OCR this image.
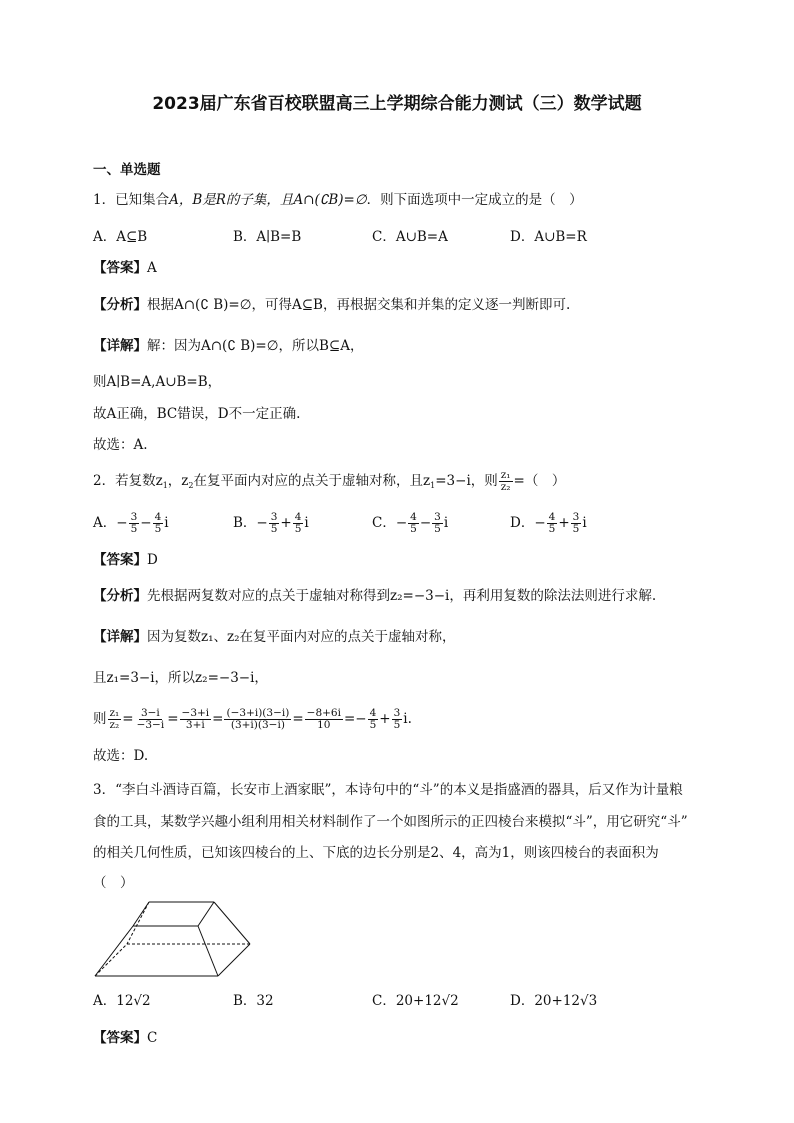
2023届广东省百校联盟高三上学期综合能力测试（三）数学试题
一、单选题
1．已知集合A，B是R的子集，且A∩(∁B)=∅．则下面选项中一定成立的是（　）
A．A⊆B	B．A∣B=B	C．A∪B=A	D．A∪B=R
【答案】A
【分析】根据A∩(∁ B)=∅，可得A⊆B，再根据交集和并集的定义逐一判断即可.
【详解】解：因为A∩(∁ B)=∅，所以B⊆A，
则A∣B=A,A∪B=B，
故A正确，BC错误，D不一定正确.
故选：A.
2．若复数$z_1$，$z_2$在复平面内对应的点关于虚轴对称，且$z_1=3-i$，则 $\frac{\text{z₁}}{\text{z₂}}$ =（　）
A．− $\frac{3}{5} - \frac{4}{5}$ i	B．− $\frac{3}{5} + \frac{4}{5}$ i	C．− $\frac{4}{5} - \frac{3}{5}$ i	D．− $\frac{4}{5} + \frac{3}{5}$ i
【答案】D
【分析】先根据两复数对应的点关于虚轴对称得到z₂=−3−i，再利用复数的除法法则进行求解.
【详解】因为复数z₁、z₂在复平面内对应的点关于虚轴对称，
且z₁=3−i，所以z₂=−3−i，
则 $\frac{\text{z₁}}{\text{z₂}} = \frac{3-i}{-3-i} = \frac{-3+i}{3+i} = \frac{(-3+i)(3-i)}{(3+i)(3-i)} = \frac{-8+6i}{10} =- \frac{4}{5} + \frac{3}{5} i$.
故选：D.
3．“李白斗酒诗百篇，长安市上酒家眠”，本诗句中的“斗”的本义是指盛酒的器具，后又作为计量粮
食的工具，某数学兴趣小组利用相关材料制作了一个如图所示的正四棱台来模拟“斗”，用它研究“斗”
的相关几何性质，已知该四棱台的上、下底的边长分别是2、4，高为1，则该四棱台的表面积为
（　）
A．12√2	B．32	C．20+12√2	D．20+12√3
【答案】C
